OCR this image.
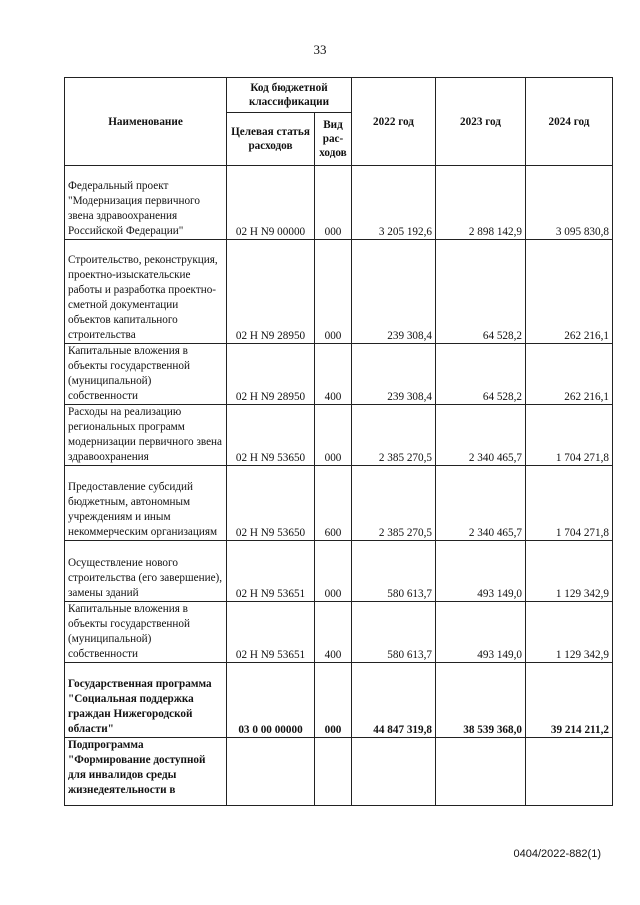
33
Наименование	Код бюджетной классификации		2022 год	2023 год	2024 год
	Целевая статья расходов	Вид рас-ходов			
Федеральный проект "Модернизация первичного звена здравоохранения Российской Федерации"	02 Н N9 00000	000	3 205 192,6	2 898 142,9	3 095 830,8
Строительство, реконструкция, проектно-изыскательские работы и разработка проектно-сметной документации объектов капитального строительства	02 Н N9 28950	000	239 308,4	64 528,2	262 216,1
Капитальные вложения в объекты государственной (муниципальной) собственности	02 Н N9 28950	400	239 308,4	64 528,2	262 216,1
Расходы на реализацию региональных программ модернизации первичного звена здравоохранения	02 Н N9 53650	000	2 385 270,5	2 340 465,7	1 704 271,8
Предоставление субсидий бюджетным, автономным учреждениям и иным некоммерческим организациям	02 Н N9 53650	600	2 385 270,5	2 340 465,7	1 704 271,8
Осуществление нового строительства (его завершение), замены зданий	02 Н N9 53651	000	580 613,7	493 149,0	1 129 342,9
Капитальные вложения в объекты государственной (муниципальной) собственности	02 Н N9 53651	400	580 613,7	493 149,0	1 129 342,9
Государственная программа "Социальная поддержка граждан Нижегородской области"	03 0 00 00000	000	44 847 319,8	38 539 368,0	39 214 211,2
Подпрограмма "Формирование доступной для инвалидов среды жизнедеятельности в					
0404/2022-882(1)
